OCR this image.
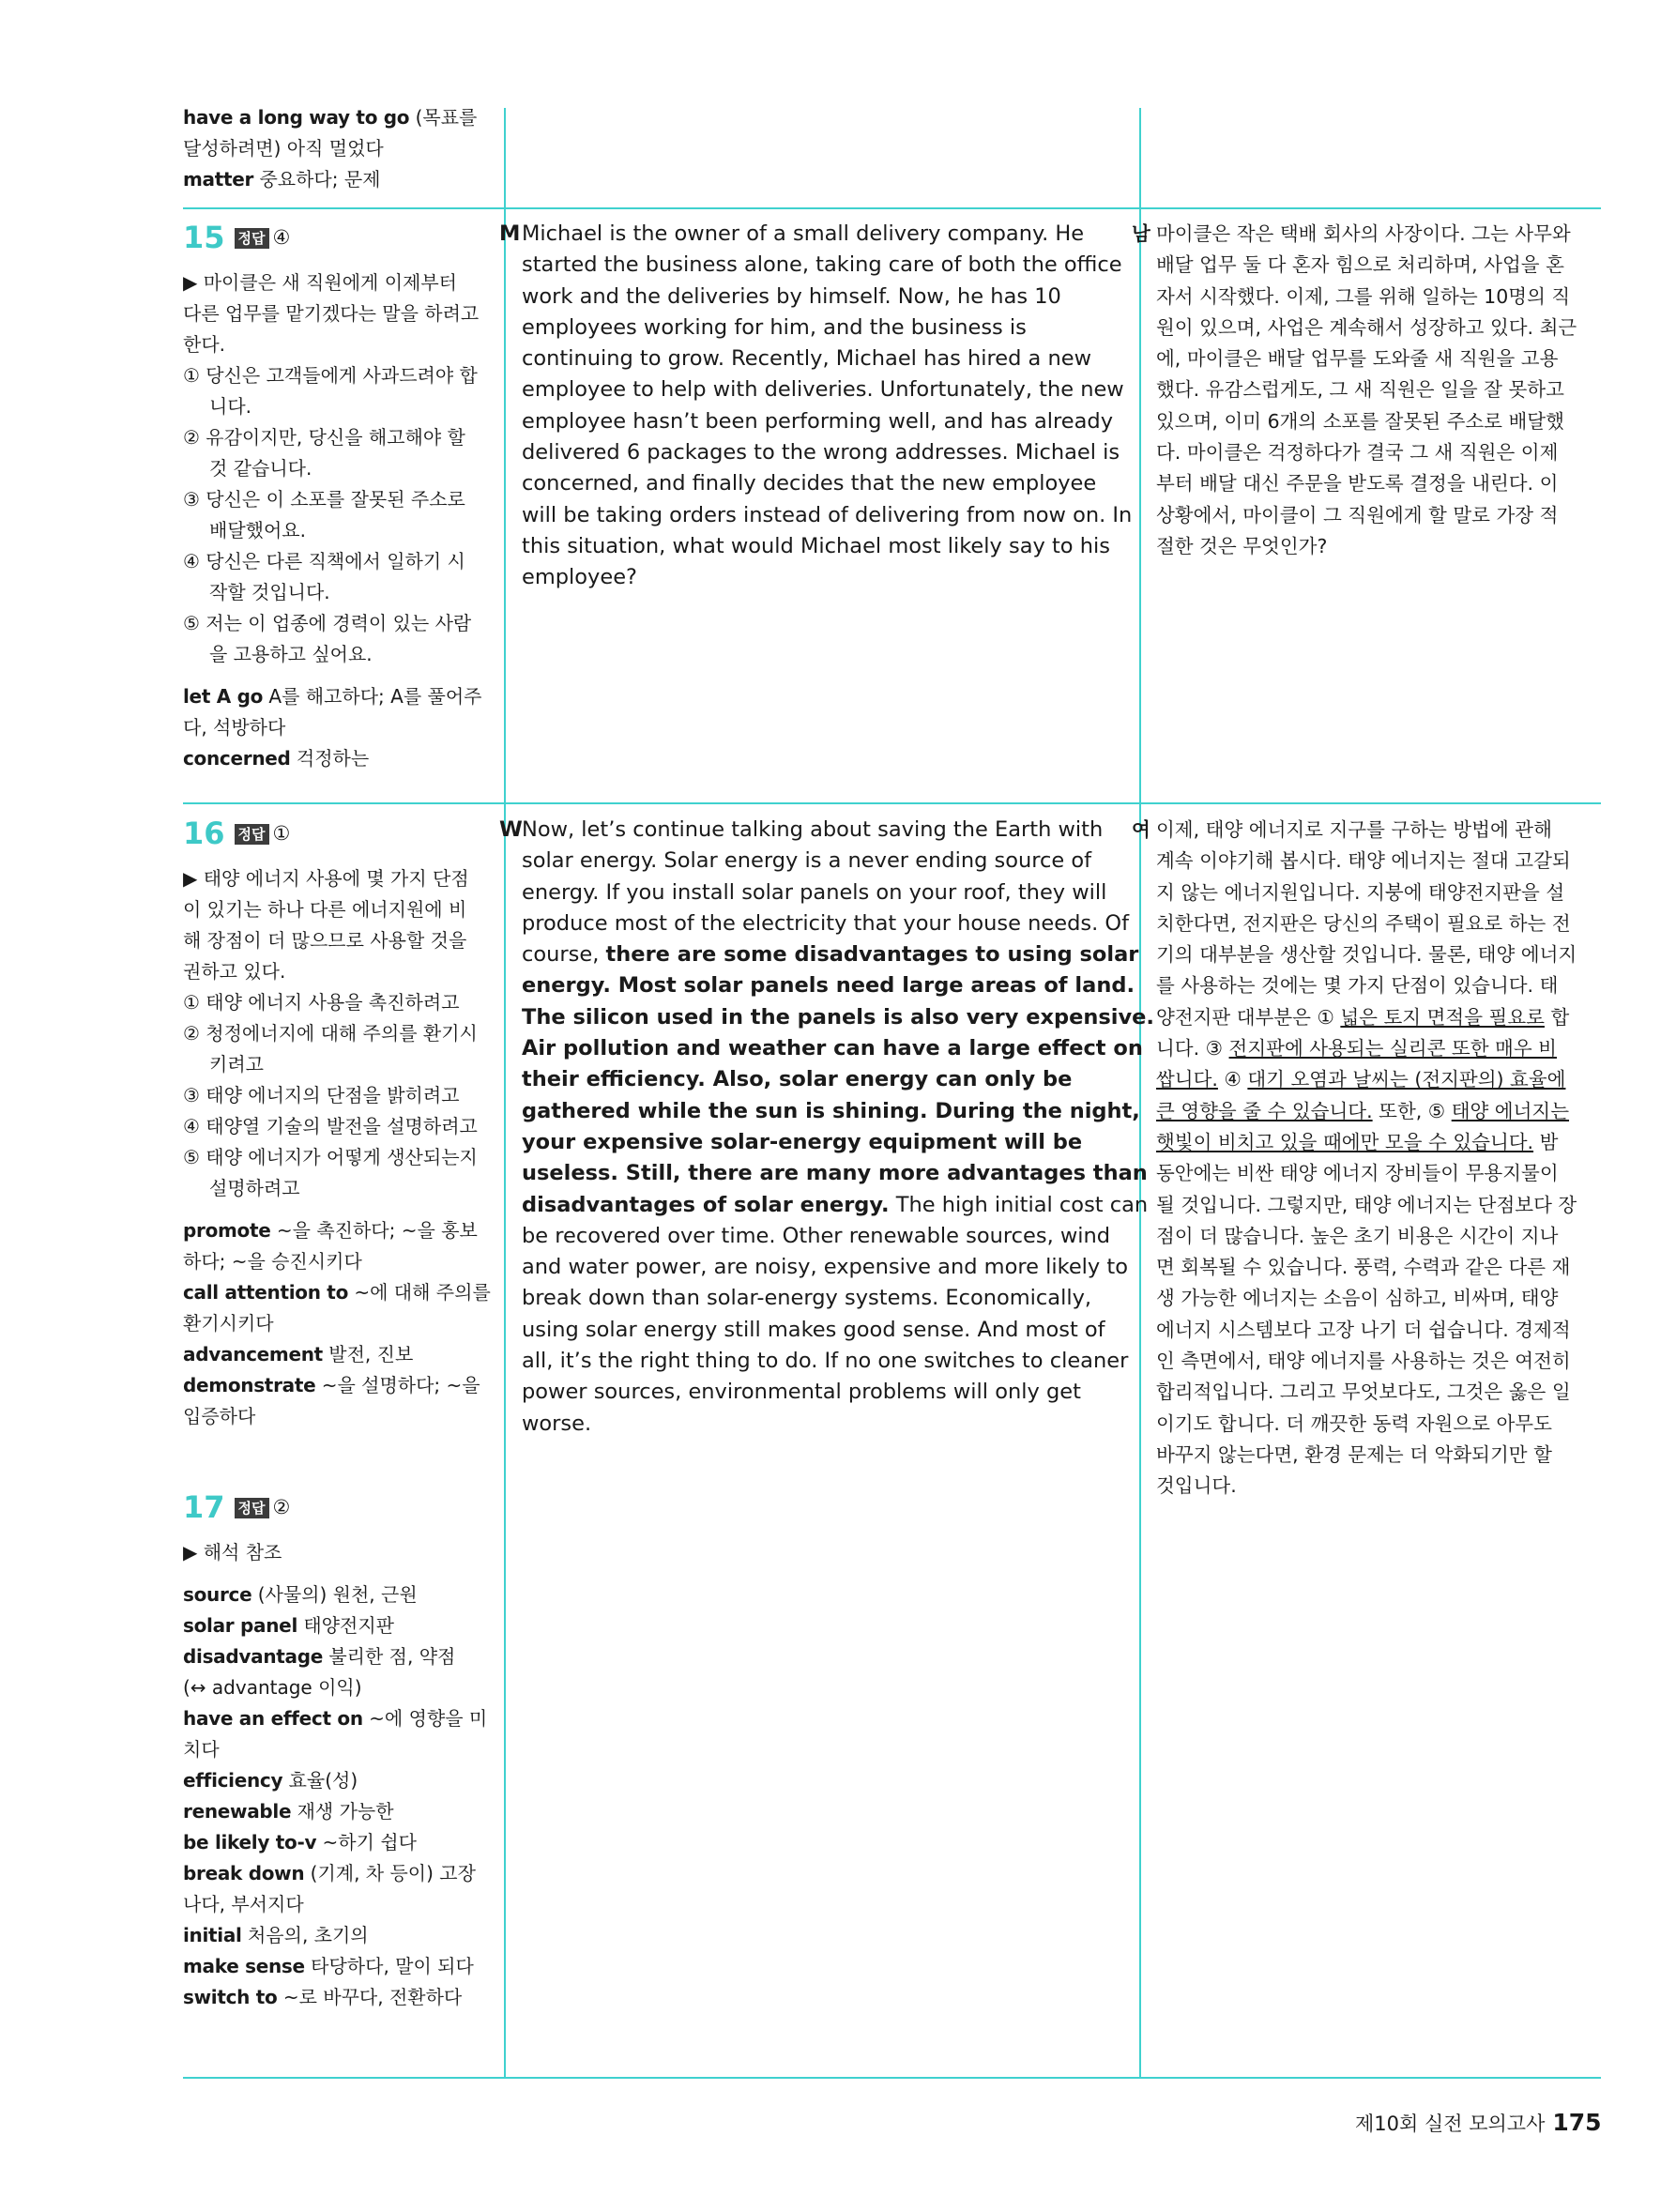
have a long way to go (목표를
달성하려면) 아직 멀었다
matter 중요하다; 문제
15 정답 ④
▶ 마이클은 새 직원에게 이제부터
다른 업무를 맡기겠다는 말을 하려고
한다.
① 당신은 고객들에게 사과드려야 합
니다.
② 유감이지만, 당신을 해고해야 할
것 같습니다.
③ 당신은 이 소포를 잘못된 주소로
배달했어요.
④ 당신은 다른 직책에서 일하기 시
작할 것입니다.
⑤ 저는 이 업종에 경력이 있는 사람
을 고용하고 싶어요.
let A go A를 해고하다; A를 풀어주
다, 석방하다
concerned 걱정하는
M Michael is the owner of a small delivery company. He
started the business alone, taking care of both the office
work and the deliveries by himself. Now, he has 10
employees working for him, and the business is
continuing to grow. Recently, Michael has hired a new
employee to help with deliveries. Unfortunately, the new
employee hasn’t been performing well, and has already
delivered 6 packages to the wrong addresses. Michael is
concerned, and finally decides that the new employee
will be taking orders instead of delivering from now on. In
this situation, what would Michael most likely say to his
employee?
남 마이클은 작은 택배 회사의 사장이다. 그는 사무와
배달 업무 둘 다 혼자 힘으로 처리하며, 사업을 혼
자서 시작했다. 이제, 그를 위해 일하는 10명의 직
원이 있으며, 사업은 계속해서 성장하고 있다. 최근
에, 마이클은 배달 업무를 도와줄 새 직원을 고용
했다. 유감스럽게도, 그 새 직원은 일을 잘 못하고
있으며, 이미 6개의 소포를 잘못된 주소로 배달했
다. 마이클은 걱정하다가 결국 그 새 직원은 이제
부터 배달 대신 주문을 받도록 결정을 내린다. 이
상황에서, 마이클이 그 직원에게 할 말로 가장 적
절한 것은 무엇인가?
16 정답 ①
▶ 태양 에너지 사용에 몇 가지 단점
이 있기는 하나 다른 에너지원에 비
해 장점이 더 많으므로 사용할 것을
권하고 있다.
① 태양 에너지 사용을 촉진하려고
② 청정에너지에 대해 주의를 환기시
키려고
③ 태양 에너지의 단점을 밝히려고
④ 태양열 기술의 발전을 설명하려고
⑤ 태양 에너지가 어떻게 생산되는지
설명하려고
promote ~을 촉진하다; ~을 홍보
하다; ~을 승진시키다
call attention to ~에 대해 주의를
환기시키다
advancement 발전, 진보
demonstrate ~을 설명하다; ~을
입증하다
17 정답 ②
▶ 해석 참조
source (사물의) 원천, 근원
solar panel 태양전지판
disadvantage 불리한 점, 약점
(↔ advantage 이익)
have an effect on ~에 영향을 미
치다
efficiency 효율(성)
renewable 재생 가능한
be likely to-v ~하기 쉽다
break down (기계, 차 등이) 고장
나다, 부서지다
initial 처음의, 초기의
make sense 타당하다, 말이 되다
switch to ~로 바꾸다, 전환하다
W Now, let’s continue talking about saving the Earth with
solar energy. Solar energy is a never ending source of
energy. If you install solar panels on your roof, they will
produce most of the electricity that your house needs. Of
course, there are some disadvantages to using solar
energy. Most solar panels need large areas of land.
The silicon used in the panels is also very expensive.
Air pollution and weather can have a large effect on
their efficiency. Also, solar energy can only be
gathered while the sun is shining. During the night,
your expensive solar-energy equipment will be
useless. Still, there are many more advantages than
disadvantages of solar energy. The high initial cost can
be recovered over time. Other renewable sources, wind
and water power, are noisy, expensive and more likely to
break down than solar-energy systems. Economically,
using solar energy still makes good sense. And most of
all, it’s the right thing to do. If no one switches to cleaner
power sources, environmental problems will only get
worse.
여 이제, 태양 에너지로 지구를 구하는 방법에 관해
계속 이야기해 봅시다. 태양 에너지는 절대 고갈되
지 않는 에너지원입니다. 지붕에 태양전지판을 설
치한다면, 전지판은 당신의 주택이 필요로 하는 전
기의 대부분을 생산할 것입니다. 물론, 태양 에너지
를 사용하는 것에는 몇 가지 단점이 있습니다. 태
양전지판 대부분은 ① 넓은 토지 면적을 필요로 합
니다. ③ 전지판에 사용되는 실리콘 또한 매우 비
쌉니다. ④ 대기 오염과 날씨는 (전지판의) 효율에
큰 영향을 줄 수 있습니다. 또한, ⑤ 태양 에너지는
햇빛이 비치고 있을 때에만 모을 수 있습니다. 밤
동안에는 비싼 태양 에너지 장비들이 무용지물이
될 것입니다. 그렇지만, 태양 에너지는 단점보다 장
점이 더 많습니다. 높은 초기 비용은 시간이 지나
면 회복될 수 있습니다. 풍력, 수력과 같은 다른 재
생 가능한 에너지는 소음이 심하고, 비싸며, 태양
에너지 시스템보다 고장 나기 더 쉽습니다. 경제적
인 측면에서, 태양 에너지를 사용하는 것은 여전히
합리적입니다. 그리고 무엇보다도, 그것은 옳은 일
이기도 합니다. 더 깨끗한 동력 자원으로 아무도
바꾸지 않는다면, 환경 문제는 더 악화되기만 할
것입니다.
제10회 실전 모의고사 175
